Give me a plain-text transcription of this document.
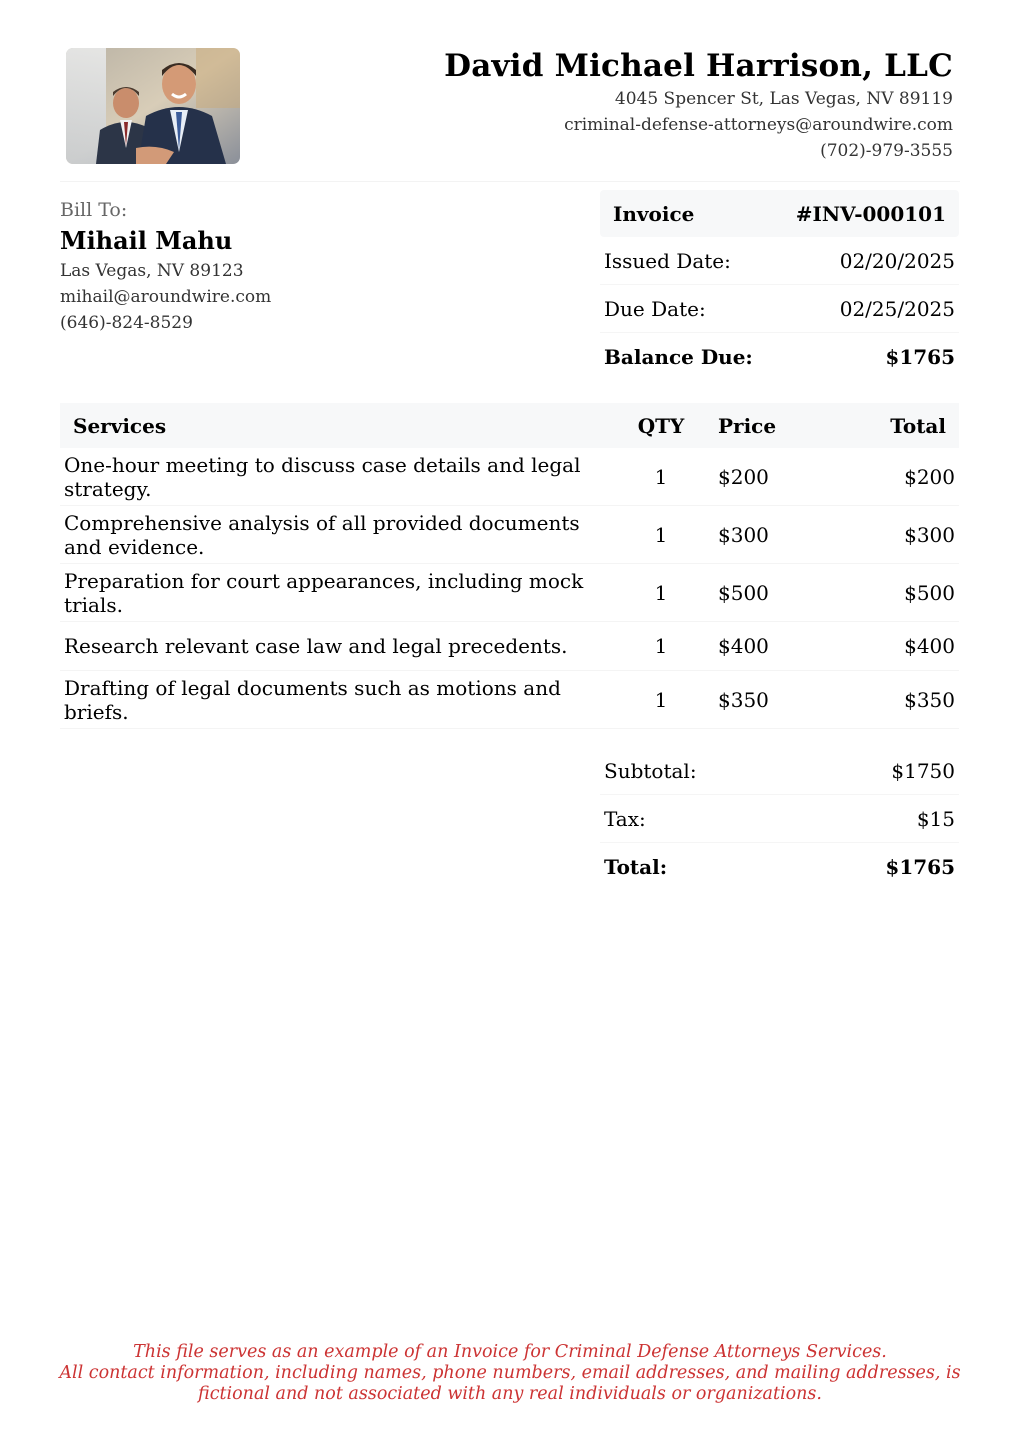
David Michael Harrison, LLC
4045 Spencer St, Las Vegas, NV 89119
criminal-defense-attorneys@aroundwire.com
(702)-979-3555
Bill To:
Mihail Mahu
Las Vegas, NV 89123
mihail@aroundwire.com
(646)-824-8529
Invoice	#INV-000101
Issued Date:	02/20/2025
Due Date:	02/25/2025
Balance Due:	$1765
Services	QTY	Price	Total
One-hour meeting to discuss case details and legal strategy.	1	$200	$200
Comprehensive analysis of all provided documents and evidence.	1	$300	$300
Preparation for court appearances, including mock trials.	1	$500	$500
Research relevant case law and legal precedents.	1	$400	$400
Drafting of legal documents such as motions and briefs.	1	$350	$350
Subtotal:	$1750
Tax:	$15
Total:	$1765
This file serves as an example of an Invoice for Criminal Defense Attorneys Services.
All contact information, including names, phone numbers, email addresses, and mailing addresses, is
fictional and not associated with any real individuals or organizations.
